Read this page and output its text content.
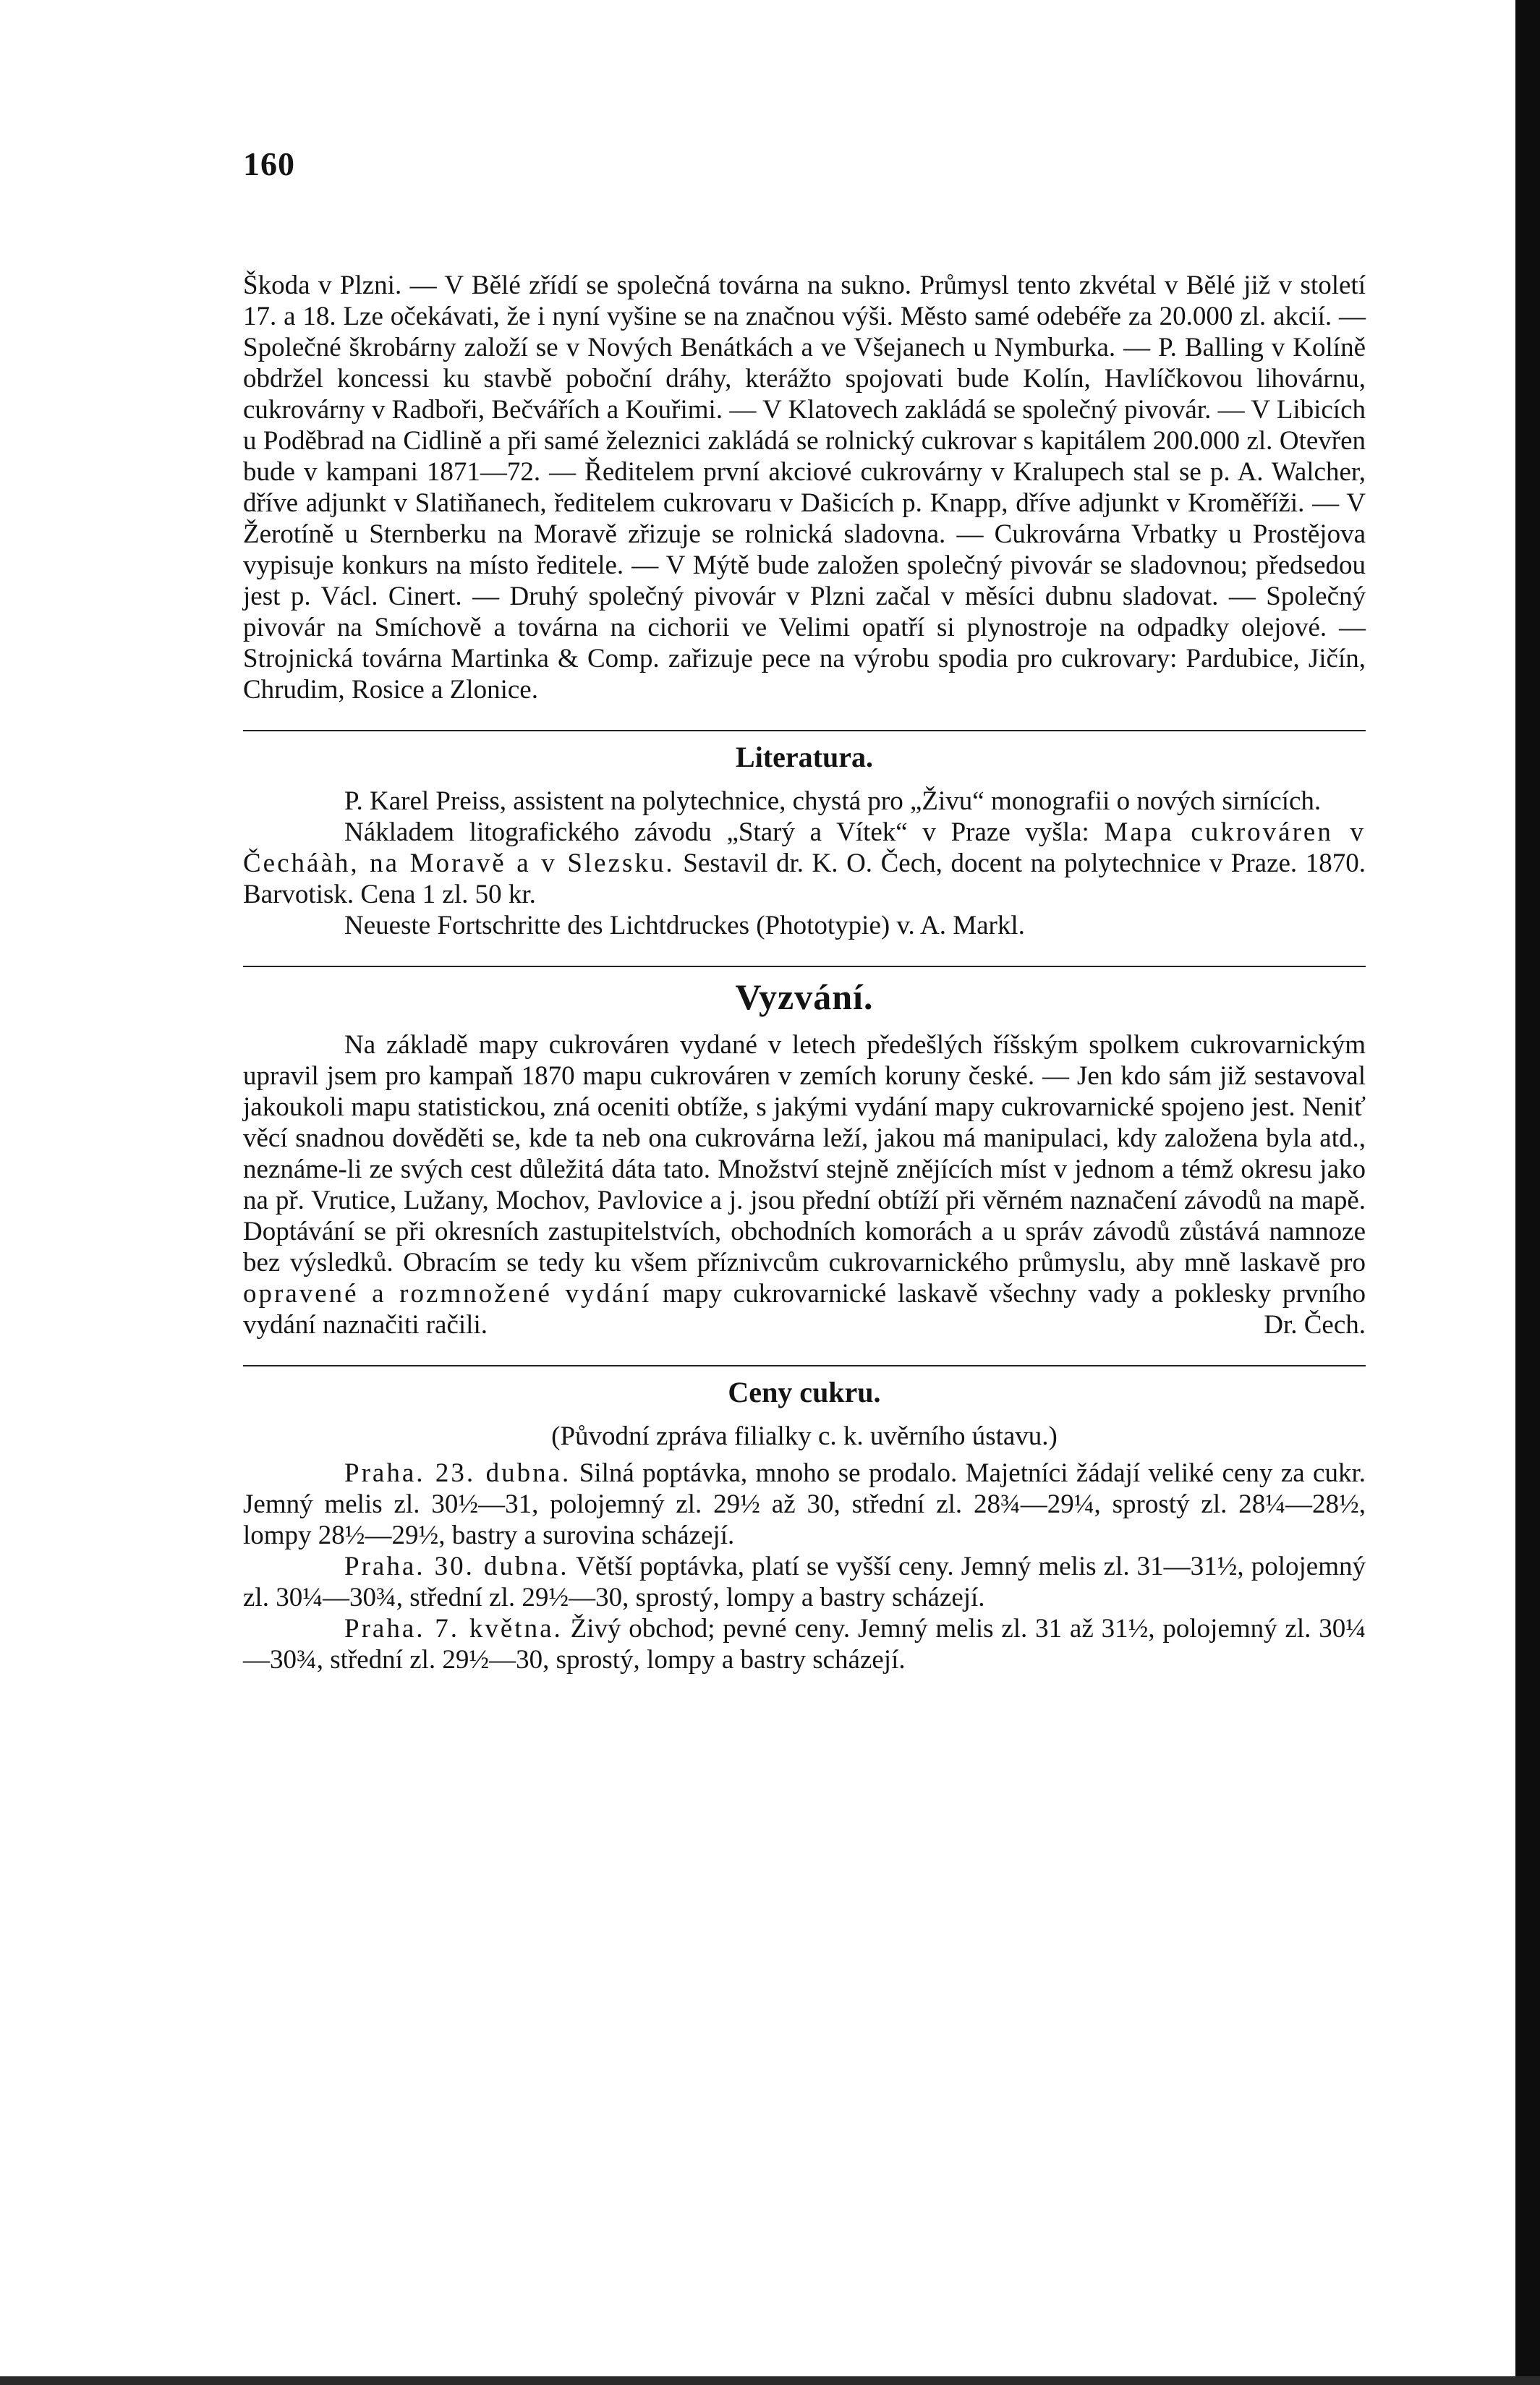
160

Škoda v Plzni. — V Bělé zřídí se společná továrna na sukno. Průmysl tento zkvétal v Bělé již v století 17. a 18. Lze očekávati, že i nyní vyšine se na značnou výši. Město samé odebéře za 20.000 zl. akcií. — Společné škrobárny založí se v Nových Benátkách a ve Všejanech u Nymburka. — P. Balling v Kolíně obdržel koncessi ku stavbě poboční dráhy, kterážto spojovati bude Kolín, Havlíčkovou lihovárnu, cukrovárny v Radboři, Bečvářích a Kouřimi. — V Klatovech zakládá se společný pivovár. — V Libicích u Poděbrad na Cidlině a při samé železnici zakládá se rolnický cukrovar s kapitálem 200.000 zl. Otevřen bude v kampani 1871—72. — Ředitelem první akciové cukrovárny v Kralupech stal se p. A. Walcher, dříve adjunkt v Slatiňanech, ředitelem cukrovaru v Dašicích p. Knapp, dříve adjunkt v Kroměříži. — V Žerotíně u Sternberku na Moravě zřizuje se rolnická sladovna. — Cukrovárna Vrbatky u Prostějova vypisuje konkurs na místo ředitele. — V Mýtě bude založen společný pivovár se sladovnou; předsedou jest p. Václ. Cinert. — Druhý společný pivovár v Plzni začal v měsíci dubnu sladovat. — Společný pivovár na Smíchově a továrna na cichorii ve Velimi opatří si plynostroje na odpadky olejové. — Strojnická továrna Martinka & Comp. zařizuje pece na výrobu spodia pro cukrovary: Pardubice, Jičín, Chrudim, Rosice a Zlonice.

Literatura.

P. Karel Preiss, assistent na polytechnice, chystá pro „Živu“ monografii o nových sirnících.

Nákladem litografického závodu „Starý a Vítek“ v Praze vyšla: Mapa cukrováren v Čecháàh, na Moravě a v Slezsku. Sestavil dr. K. O. Čech, docent na polytechnice v Praze. 1870. Barvotisk. Cena 1 zl. 50 kr.

Neueste Fortschritte des Lichtdruckes (Phototypie) v. A. Markl.

Vyzvání.

Na základě mapy cukrováren vydané v letech předešlých říšským spolkem cukrovarnickým upravil jsem pro kampaň 1870 mapu cukrováren v zemích koruny české. — Jen kdo sám již sestavoval jakoukoli mapu statistickou, zná oceniti obtíže, s jakými vydání mapy cukrovarnické spojeno jest. Neniť věcí snadnou dověděti se, kde ta neb ona cukrovárna leží, jakou má manipulaci, kdy založena byla atd., neznáme-li ze svých cest důležitá dáta tato. Množství stejně znějících míst v jednom a témž okresu jako na př. Vrutice, Lužany, Mochov, Pavlovice a j. jsou přední obtíží při věrném naznačení závodů na mapě. Doptávání se při okresních zastupitelstvích, obchodních komorách a u správ závodů zůstává namnoze bez výsledků. Obracím se tedy ku všem příznivcům cukrovarnického průmyslu, aby mně laskavě pro opravené a rozmnožené vydání mapy cukrovarnické laskavě všechny vady a poklesky prvního vydání naznačiti račili.	Dr. Čech.

Ceny cukru.
(Původní zpráva filialky c. k. uvěrního ústavu.)

Praha. 23. dubna. Silná poptávka, mnoho se prodalo. Majetníci žádají veliké ceny za cukr. Jemný melis zl. 30½—31, polojemný zl. 29½ až 30, střední zl. 28¾—29¼, sprostý zl. 28¼—28½, lompy 28½—29½, bastry a surovina scházejí.

Praha. 30. dubna. Větší poptávka, platí se vyšší ceny. Jemný melis zl. 31—31½, polojemný zl. 30¼—30¾, střední zl. 29½—30, sprostý, lompy a bastry scházejí.

Praha. 7. května. Živý obchod; pevné ceny. Jemný melis zl. 31 až 31½, polojemný zl. 30¼—30¾, střední zl. 29½—30, sprostý, lompy a bastry scházejí.
